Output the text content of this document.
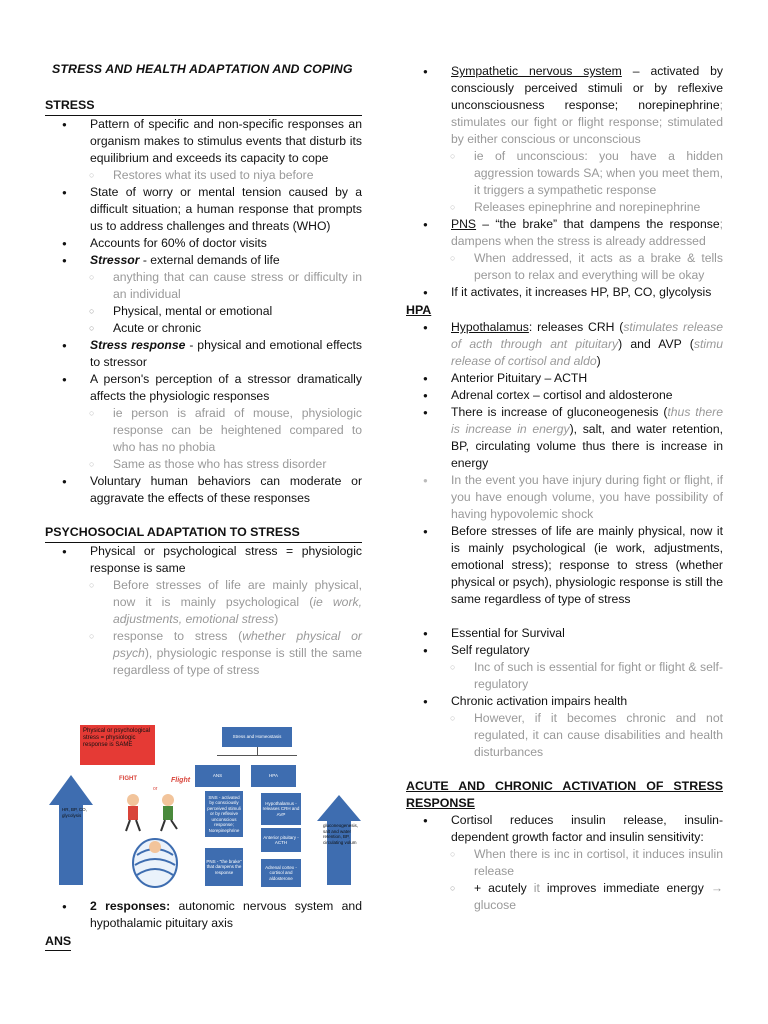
STRESS AND HEALTH ADAPTATION AND COPING
STRESS
● Pattern of specific and non-specific responses an organism makes to stimulus events that disturb its equilibrium and exceeds its capacity to cope
○ Restores what its used to niya before
● State of worry or mental tension caused by a difficult situation; a human response that prompts us to address challenges and threats (WHO)
● Accounts for 60% of doctor visits
● Stressor - external demands of life
○ anything that can cause stress or difficulty in an individual
○ Physical, mental or emotional
○ Acute or chronic
● Stress response - physical and emotional effects to stressor
● A person's perception of a stressor dramatically affects the physiologic responses
○ ie person is afraid of mouse, physiologic response can be heightened compared to who has no phobia
○ Same as those who has stress disorder
● Voluntary human behaviors can moderate or aggravate the effects of these responses
PSYCHOSOCIAL ADAPTATION TO STRESS
● Physical or psychological stress = physiologic response is same
○ Before stresses of life are mainly physical, now it is mainly psychological (ie work, adjustments, emotional stress)
○ response to stress (whether physical or psych), physiologic response is still the same regardless of type of stress
● 2 responses: autonomic nervous system and hypothalamic pituitary axis
ANS
Physical or psychological stress = physiologic response is SAME
Stress and Homeostasis
ANS	HPA
SNS - activated by consciously perceived stimuli or by reflexive unconscious response; Norepinephrine
PNS - "the brake" that dampens the response
Hypothalamus - releases CRH and AVP
Anterior pituitary - ACTH
Adrenal cortex - cortisol and aldosterone
HR, BP, CO, glycolysis
gluconeogenesis, salt and water retention, BP, circulating volum
FIGHT
or
Flight
● Sympathetic nervous system – activated by consciously perceived stimuli or by reflexive unconsciousness response; norepinephrine; stimulates our fight or flight response; stimulated by either conscious or unconscious
○ ie of unconscious: you have a hidden aggression towards SA; when you meet them, it triggers a sympathetic response
○ Releases epinephrine and norepinephrine
● PNS – “the brake” that dampens the response; dampens when the stress is already addressed
○ When addressed, it acts as a brake & tells person to relax and everything will be okay
● If it activates, it increases HP, BP, CO, glycolysis
HPA
● Hypothalamus: releases CRH (stimulates release of acth through ant pituitary) and AVP (stimu release of cortisol and aldo)
● Anterior Pituitary – ACTH
● Adrenal cortex – cortisol and aldosterone
● There is increase of gluconeogenesis (thus there is increase in energy), salt, and water retention, BP, circulating volume thus there is increase in energy
● In the event you have injury during fight or flight, if you have enough volume, you have possibility of having hypovolemic shock
● Before stresses of life are mainly physical, now it is mainly psychological (ie work, adjustments, emotional stress); response to stress (whether physical or psych), physiologic response is still the same regardless of type of stress
● Essential for Survival
● Self regulatory
○ Inc of such is essential for fight or flight & self-regulatory
● Chronic activation impairs health
○ However, if it becomes chronic and not regulated, it can cause disabilities and health disturbances
ACUTE AND CHRONIC ACTIVATION OF STRESS RESPONSE
● Cortisol reduces insulin release, insulin-dependent growth factor and insulin sensitivity:
○ When there is inc in cortisol, it induces insulin release
○ + acutely it improves immediate energy → glucose
